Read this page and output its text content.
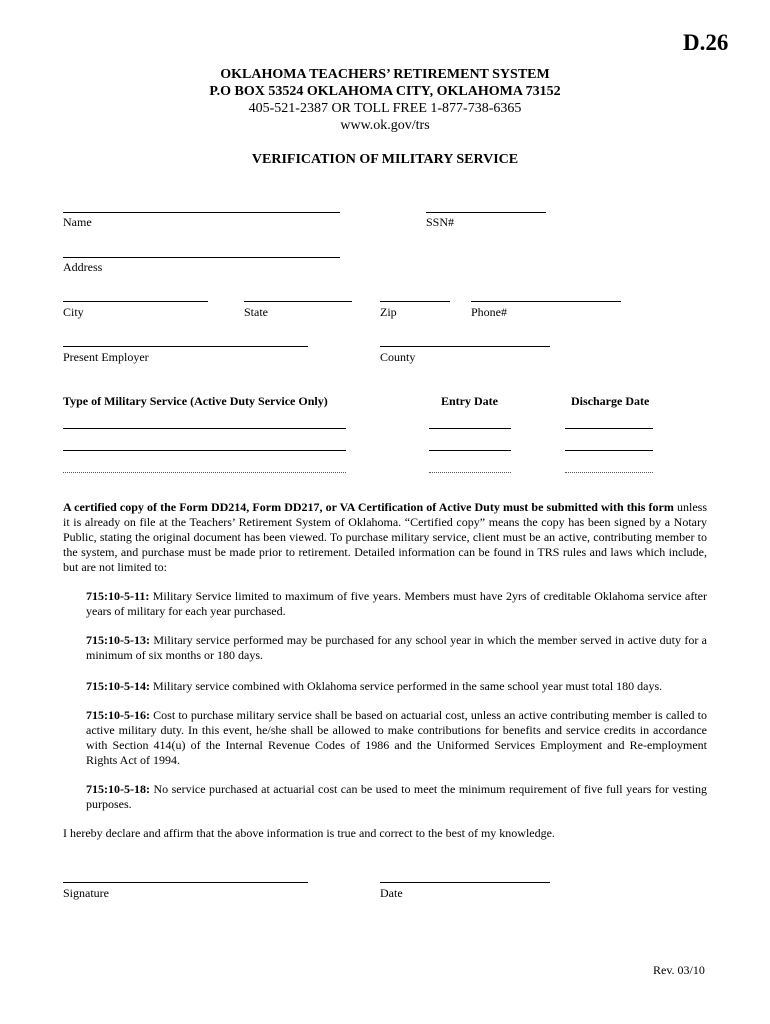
D.26
OKLAHOMA TEACHERS’ RETIREMENT SYSTEM
P.O BOX 53524 OKLAHOMA CITY, OKLAHOMA 73152
405-521-2387 OR TOLL FREE 1-877-738-6365
www.ok.gov/trs
VERIFICATION OF MILITARY SERVICE
Name	SSN#
Address
City	State	Zip	Phone#
Present Employer	County
Type of Military Service (Active Duty Service Only)	Entry Date	Discharge Date
A certified copy of the Form DD214, Form DD217, or VA Certification of Active Duty must be submitted with this form unless it is already on file at the Teachers’ Retirement System of Oklahoma. “Certified copy” means the copy has been signed by a Notary Public, stating the original document has been viewed. To purchase military service, client must be an active, contributing member to the system, and purchase must be made prior to retirement. Detailed information can be found in TRS rules and laws which include, but are not limited to:
715:10-5-11: Military Service limited to maximum of five years. Members must have 2yrs of creditable Oklahoma service after years of military for each year purchased.
715:10-5-13: Military service performed may be purchased for any school year in which the member served in active duty for a minimum of six months or 180 days.
715:10-5-14: Military service combined with Oklahoma service performed in the same school year must total 180 days.
715:10-5-16: Cost to purchase military service shall be based on actuarial cost, unless an active contributing member is called to active military duty. In this event, he/she shall be allowed to make contributions for benefits and service credits in accordance with Section 414(u) of the Internal Revenue Codes of 1986 and the Uniformed Services Employment and Re-employment Rights Act of 1994.
715:10-5-18: No service purchased at actuarial cost can be used to meet the minimum requirement of five full years for vesting purposes.
I hereby declare and affirm that the above information is true and correct to the best of my knowledge.
Signature	Date
Rev. 03/10
